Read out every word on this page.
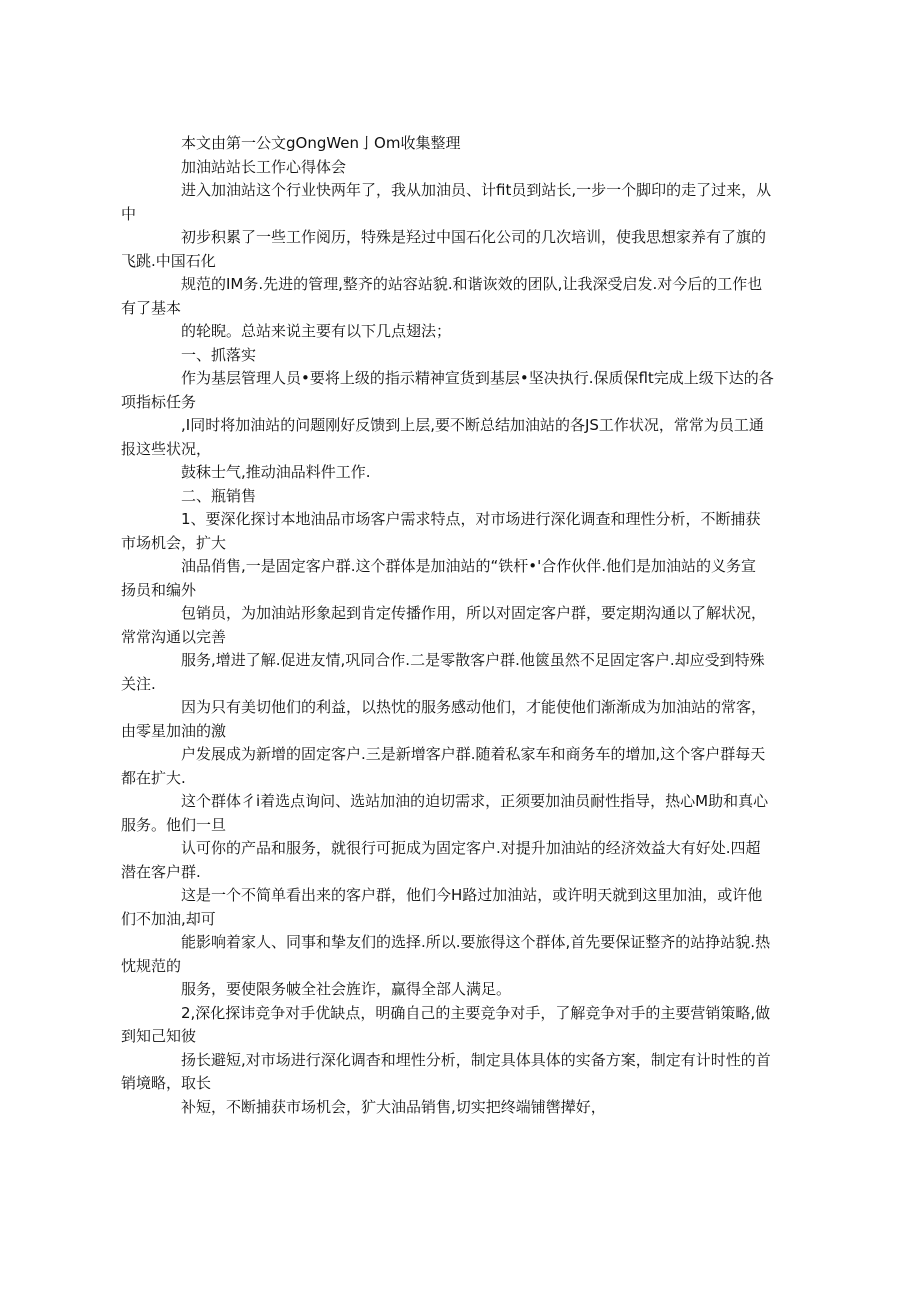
本文由第一公文gOngWen亅Om收集整理
加油站站长工作心得体会
进入加油站这个行业快两年了，我从加油员、计fit员到站长,一步一个脚印的走了过来，从
中
初步积累了一些工作阅历，特殊是羟过中国石化公司的几次培训，使我思想家养有了旗的
飞跳.中国石化
规范的IM务.先进的管理,整齐的站容站貌.和谐诙效的团队,让我深受启发.对今后的工作也
有了基本
的轮睨。总站来说主要有以下几点翅法；
一、抓落实
作为基层管理人员•要将上级的指示精神宣货到基层•坚决执行.保质保flt完成上级下达的各
项指标任务
,I同时将加油站的问题刚好反馈到上层,要不断总结加油站的各JS工作状况，常常为员工通
报这些状况，
鼓秣士气,推动油品料件工作.
二、瓶销售
1、要深化探讨本地油品市场客户需求特点，对市场进行深化调查和理性分析，不断捕获
市场机会，扩大
油品俏售,一是固定客户群.这个群体是加油站的“铁杆•'合作伙伴.他们是加油站的义务宣
扬员和编外
包销员，为加油站形象起到肯定传播作用，所以对固定客户群，要定期沟通以了解状况，
常常沟通以完善
服务,增进了解.促进友情,巩同合作.二是零散客户群.他篋虽然不足固定客户.却应受到特殊
关注.
因为只有美切他们的利益，以热忱的服务感动他们，才能使他们渐渐成为加油站的常客，
由零星加油的激
户发展成为新增的固定客户.三是新增客户群.随着私家车和商务车的增加,这个客户群每天
都在扩大.
这个群体彳i着选点询问、选站加油的迫切需求，正须要加油员耐性指导，热心M助和真心
服务。他们一旦
认可你的产品和服务，就很行可扼成为固定客户.对提升加油站的经济效益大有好处.四超
潜在客户群.
这是一个不简单看出来的客户群，他们今H路过加油站，或许明天就到这里加油，或许他
们不加油,却可
能影响着家人、同事和挚友们的选择.所以.要旅得这个群体,首先要保证整齐的站挣站貌.热
忱规范的
服务，要使限务帔全社会旌诈，赢得全部人满足。
2,深化探讳竞争对手优缺点，明确自己的主要竞争对手，了解竞争对手的主要营销策略,做
到知己知彼
扬长避短,对市场进行深化调杳和埋性分析，制定具体具体的实备方案，制定有计时性的首
销境略，取长
补短，不断捕获市场机会，犷大油品销售,切实把终端铺辔撵好，
